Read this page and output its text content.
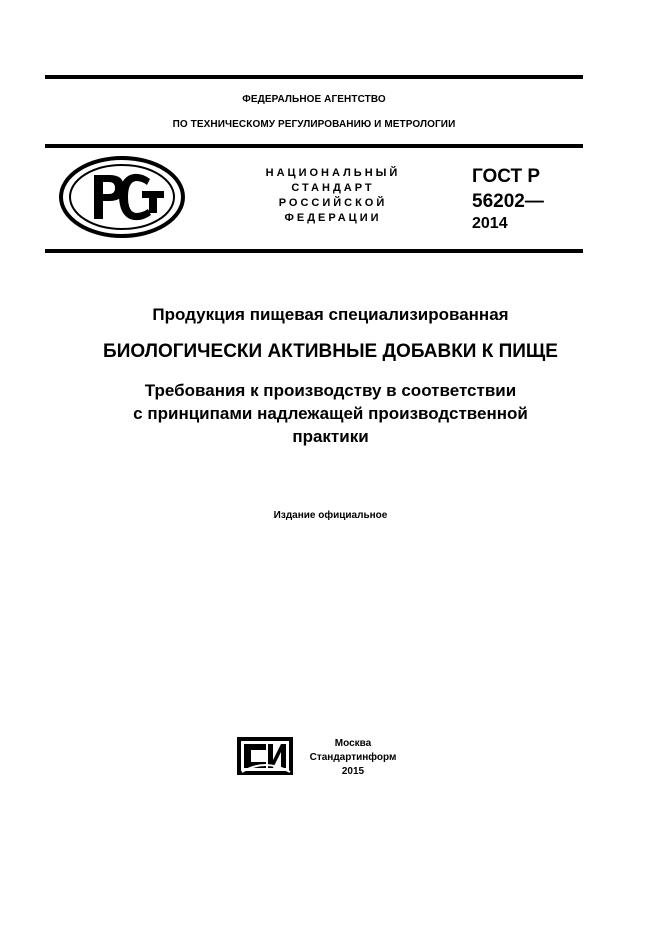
ФЕДЕРАЛЬНОЕ АГЕНТСТВО
ПО ТЕХНИЧЕСКОМУ РЕГУЛИРОВАНИЮ И МЕТРОЛОГИИ
НАЦИОНАЛЬНЫЙ
СТАНДАРТ
РОССИЙСКОЙ
ФЕДЕРАЦИИ
ГОСТ Р
56202—
2014
Продукция пищевая специализированная
БИОЛОГИЧЕСКИ АКТИВНЫЕ ДОБАВКИ К ПИЩЕ
Требования к производству в соответствии
с принципами надлежащей производственной
практики
Издание официальное
Москва
Стандартинформ
2015
